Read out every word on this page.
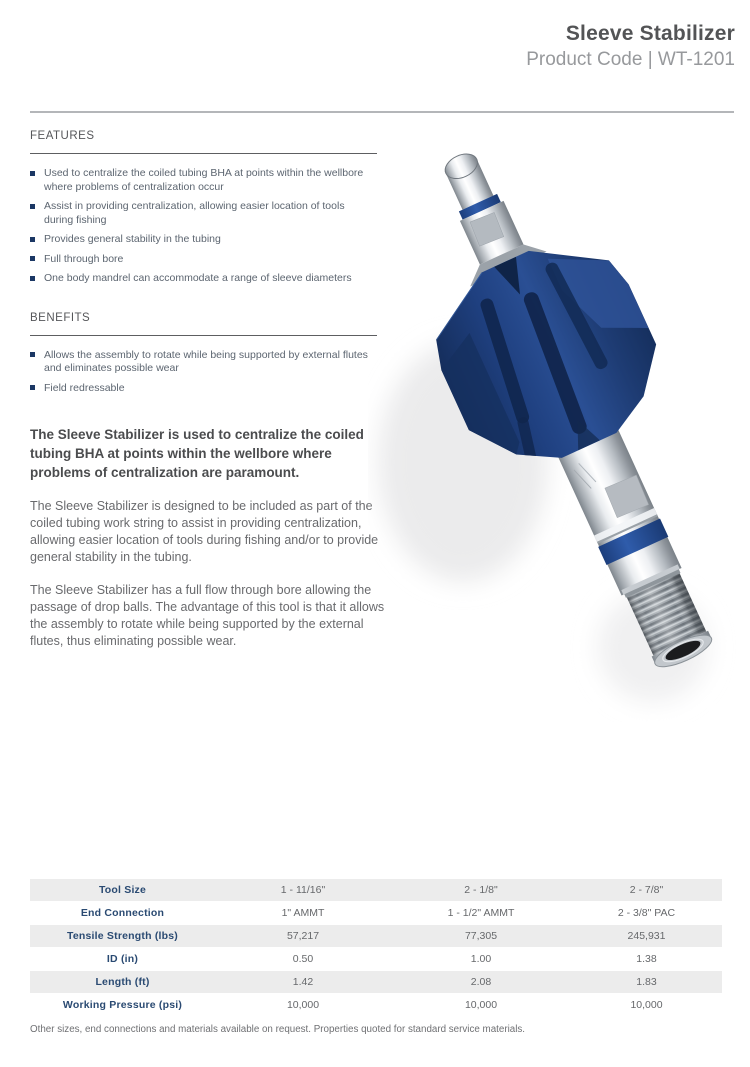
Sleeve Stabilizer
Product Code | WT-1201
FEATURES
Used to centralize the coiled tubing BHA at points within the wellbore where problems of centralization occur
Assist in providing centralization, allowing easier location of tools during fishing
Provides general stability in the tubing
Full through bore
One body mandrel can accommodate a range of sleeve diameters
BENEFITS
Allows the assembly to rotate while being supported by external flutes and eliminates possible wear
Field redressable

The Sleeve Stabilizer is used to centralize the coiled tubing BHA at points within the wellbore where problems of centralization are paramount.

The Sleeve Stabilizer is designed to be included as part of the coiled tubing work string to assist in providing centralization, allowing easier location of tools during fishing and/or to provide general stability in the tubing.

The Sleeve Stabilizer has a full flow through bore allowing the passage of drop balls. The advantage of this tool is that it allows the assembly to rotate while being supported by the external flutes, thus eliminating possible wear.

Tool Size	1 - 11/16"	2 - 1/8"	2 - 7/8"
End Connection	1" AMMT	1 - 1/2" AMMT	2 - 3/8" PAC
Tensile Strength (lbs)	57,217	77,305	245,931
ID (in)	0.50	1.00	1.38
Length (ft)	1.42	2.08	1.83
Working Pressure (psi)	10,000	10,000	10,000
Other sizes, end connections and materials available on request. Properties quoted for standard service materials.
